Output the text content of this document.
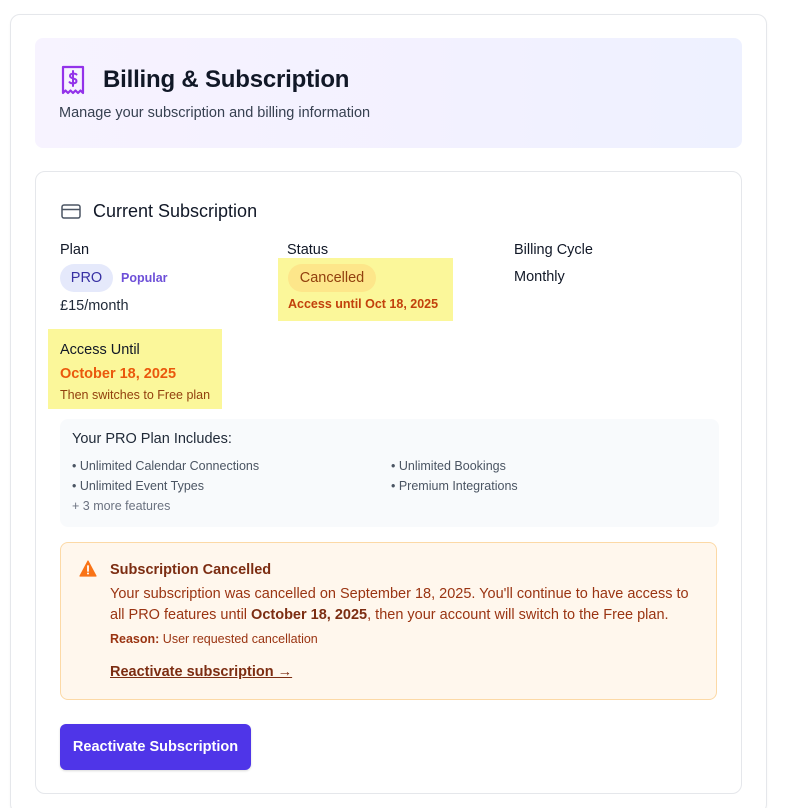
Billing & Subscription
Manage your subscription and billing information
Current Subscription
Plan
PRO	Popular
£15/month
Status
Cancelled
Access until Oct 18, 2025
Billing Cycle
Monthly
Access Until
October 18, 2025
Then switches to Free plan
Your PRO Plan Includes:
• Unlimited Calendar Connections	• Unlimited Bookings
• Unlimited Event Types	• Premium Integrations
+ 3 more features
Subscription Cancelled
Your subscription was cancelled on September 18, 2025. You'll continue to have access to all PRO features until October 18, 2025, then your account will switch to the Free plan.
Reason: User requested cancellation
Reactivate subscription →
Reactivate Subscription
